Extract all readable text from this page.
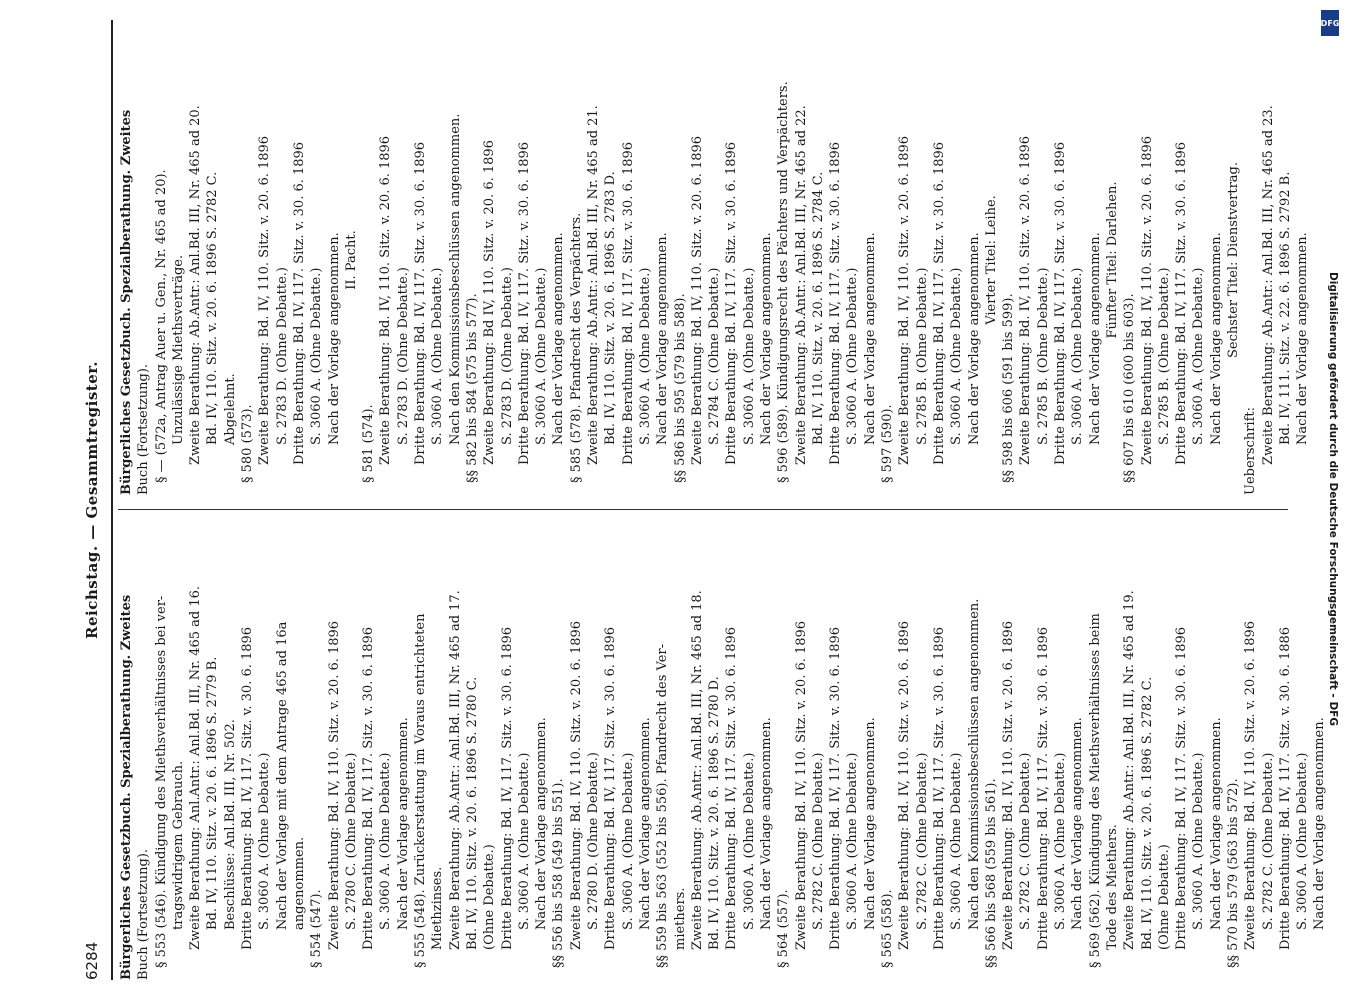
6284
Reichstag. — Gesammtregister.
Bürgerliches Gesetzbuch. Spezialberathung. Zweites Buch (Fortsetzung). § 553 (546). Kündigung des Miethsverhältnisses bei ver- tragswidrigem Gebrauch. Zweite Berathung: Anl.Antr.: Anl.Bd. III, Nr. 465 ad 16. Bd. IV, 110. Sitz. v. 20. 6. 1896 S. 2779 B. Beschlüsse: Anl.Bd. III, Nr. 502. Dritte Berathung: Bd. IV, 117. Sitz. v. 30. 6. 1896 S. 3060 A. (Ohne Debatte.) Nach der Vorlage mit dem Antrage 465 ad 16a angenommen. § 554 (547). Zweite Berathung: Bd. IV, 110. Sitz. v. 20. 6. 1896 S. 2780 C. (Ohne Debatte.) Dritte Berathung: Bd. IV, 117. Sitz. v. 30. 6. 1896 S. 3060 A. (Ohne Debatte.) Nach der Vorlage angenommen. § 555 (548). Zurückerstattung im Voraus entrichteten Miethzinses. Zweite Berathung: Ab.Antr.: Anl.Bd. III, Nr. 465 ad 17. Bd. IV, 110. Sitz. v. 20. 6. 1896 S. 2780 C. (Ohne Debatte.) Dritte Berathung: Bd. IV, 117. Sitz. v. 30. 6. 1896 S. 3060 A. (Ohne Debatte.) Nach der Vorlage angenommen. §§ 556 bis 558 (549 bis 551). Zweite Berathung: Bd. IV, 110. Sitz. v. 20. 6. 1896 S. 2780 D. (Ohne Debatte.) Dritte Berathung: Bd. IV, 117. Sitz. v. 30. 6. 1896 S. 3060 A. (Ohne Debatte.) Nach der Vorlage angenommen. §§ 559 bis 563 (552 bis 556). Pfandrecht des Ver- miethers. Zweite Berathung: Ab.Antr.: Anl.Bd. III, Nr. 465 ad 18. Bd. IV, 110. Sitz. v. 20. 6. 1896 S. 2780 D. Dritte Berathung: Bd. IV, 117. Sitz. v. 30. 6. 1896 S. 3060 A. (Ohne Debatte.) Nach der Vorlage angenommen. § 564 (557). Zweite Berathung: Bd. IV, 110. Sitz. v. 20. 6. 1896 S. 2782 C. (Ohne Debatte.) Dritte Berathung: Bd. IV, 117. Sitz. v. 30. 6. 1896 S. 3060 A. (Ohne Debatte.) Nach der Vorlage angenommen. § 565 (558). Zweite Berathung: Bd. IV, 110. Sitz. v. 20. 6. 1896 S. 2782 C. (Ohne Debatte.) Dritte Berathung: Bd. IV, 117. Sitz. v. 30. 6. 1896 S. 3060 A. (Ohne Debatte.) Nach den Kommissionsbeschlüssen angenommen. §§ 566 bis 568 (559 bis 561). Zweite Berathung: Bd. IV, 110. Sitz. v. 20. 6. 1896 S. 2782 C. (Ohne Debatte.) Dritte Berathung: Bd. IV, 117. Sitz. v. 30. 6. 1896 S. 3060 A. (Ohne Debatte.) Nach der Vorlage angenommen. § 569 (562). Kündigung des Miethsverhältnisses beim Tode des Miethers. Zweite Berathung: Ab.Antr.: Anl.Bd. III, Nr. 465 ad 19. Bd. IV, 110. Sitz. v. 20. 6. 1896 S. 2782 C. (Ohne Debatte.) Dritte Berathung: Bd. IV, 117. Sitz. v. 30. 6. 1896 S. 3060 A. (Ohne Debatte.) Nach der Vorlage angenommen. §§ 570 bis 579 (563 bis 572). Zweite Berathung: Bd. IV, 110. Sitz. v. 20. 6. 1896 S. 2782 C. (Ohne Debatte.) Dritte Berathung: Bd. IV, 117. Sitz. v. 30. 6. 1886 S. 3060 A. (Ohne Debatte.) Nach der Vorlage angenommen.
Bürgerliches Gesetzbuch. Spezialberathung. Zweites Buch (Fortsetzung). § — (572a, Antrag Auer u. Gen., Nr. 465 ad 20). Unzulässige Miethsverträge. Zweite Berathung: Ab.Antr.: Anl.Bd. III, Nr. 465 ad 20. Bd. IV, 110. Sitz. v. 20. 6. 1896 S. 2782 C. Abgelehnt. § 580 (573). Zweite Berathung: Bd. IV, 110. Sitz. v. 20. 6. 1896 S. 2783 D. (Ohne Debatte.) Dritte Berathung: Bd. IV, 117. Sitz. v. 30. 6. 1896 S. 3060 A. (Ohne Debatte.) Nach der Vorlage angenommen. II. Pacht.
§ 581 (574). Zweite Berathung: Bd. IV, 110. Sitz. v. 20. 6. 1896 S. 2783 D. (Ohne Debatte.) Dritte Berathung: Bd. IV, 117. Sitz. v. 30. 6. 1896 S. 3060 A. (Ohne Debatte.) Nach den Kommissionsbeschlüssen angenommen. §§ 582 bis 584 (575 bis 577). Zweite Berathung: Bd IV, 110. Sitz. v. 20. 6. 1896 S. 2783 D. (Ohne Debatte.) Dritte Berathung: Bd. IV, 117. Sitz. v. 30. 6. 1896 S. 3060 A. (Ohne Debatte.) Nach der Vorlage angenommen. § 585 (578). Pfandrecht des Verpächters. Zweite Berathung: Ab.Antr.: Anl.Bd. III, Nr. 465 ad 21. Bd. IV, 110. Sitz. v. 20. 6. 1896 S. 2783 D. Dritte Berathung: Bd. IV, 117. Sitz. v. 30. 6. 1896 S. 3060 A. (Ohne Debatte.) Nach der Vorlage angenommen. §§ 586 bis 595 (579 bis 588). Zweite Berathung: Bd. IV, 110. Sitz. v. 20. 6. 1896 S. 2784 C. (Ohne Debatte.) Dritte Berathung: Bd. IV, 117. Sitz. v. 30. 6. 1896 S. 3060 A. (Ohne Debatte.) Nach der Vorlage angenommen. § 596 (589). Kündigungsrecht des Pächters und Verpächters. Zweite Berathung: Ab.Antr.: Anl.Bd. III, Nr. 465 ad 22. Bd. IV, 110. Sitz. v. 20. 6. 1896 S. 2784 C. Dritte Berathung: Bd. IV, 117. Sitz. v. 30. 6. 1896 S. 3060 A. (Ohne Debatte.) Nach der Vorlage angenommen. § 597 (590). Zweite Berathung: Bd. IV, 110. Sitz. v. 20. 6. 1896 S. 2785 B. (Ohne Debatte.) Dritte Berathung: Bd. IV, 117. Sitz. v. 30. 6. 1896 S. 3060 A. (Ohne Debatte.) Nach der Vorlage angenommen. Vierter Titel: Leihe.
§§ 598 bis 606 (591 bis 599). Zweite Berathung: Bd. IV, 110. Sitz. v. 20. 6. 1896 S. 2785 B. (Ohne Debatte.) Dritte Berathung: Bd. IV, 117. Sitz. v. 30. 6. 1896 S. 3060 A. (Ohne Debatte.) Nach der Vorlage angenommen. Fünfter Titel: Darlehen.
§§ 607 bis 610 (600 bis 603). Zweite Berathung: Bd. IV, 110. Sitz. v. 20. 6. 1896 S. 2785 B. (Ohne Debatte.) Dritte Berathung: Bd. IV, 117. Sitz. v. 30. 6. 1896 S. 3060 A. (Ohne Debatte.) Nach der Vorlage angenommen. Sechster Titel: Dienstvertrag.
Ueberschrift: Zweite Berathung: Ab.Antr.: Anl.Bd. III, Nr. 465 ad 23. Bd. IV, 111. Sitz. v. 22. 6. 1896 S. 2792 B. Nach der Vorlage angenommen.
DFG
Digitalisierung gefördert durch die Deutsche Forschungsgemeinschaft - DFG
